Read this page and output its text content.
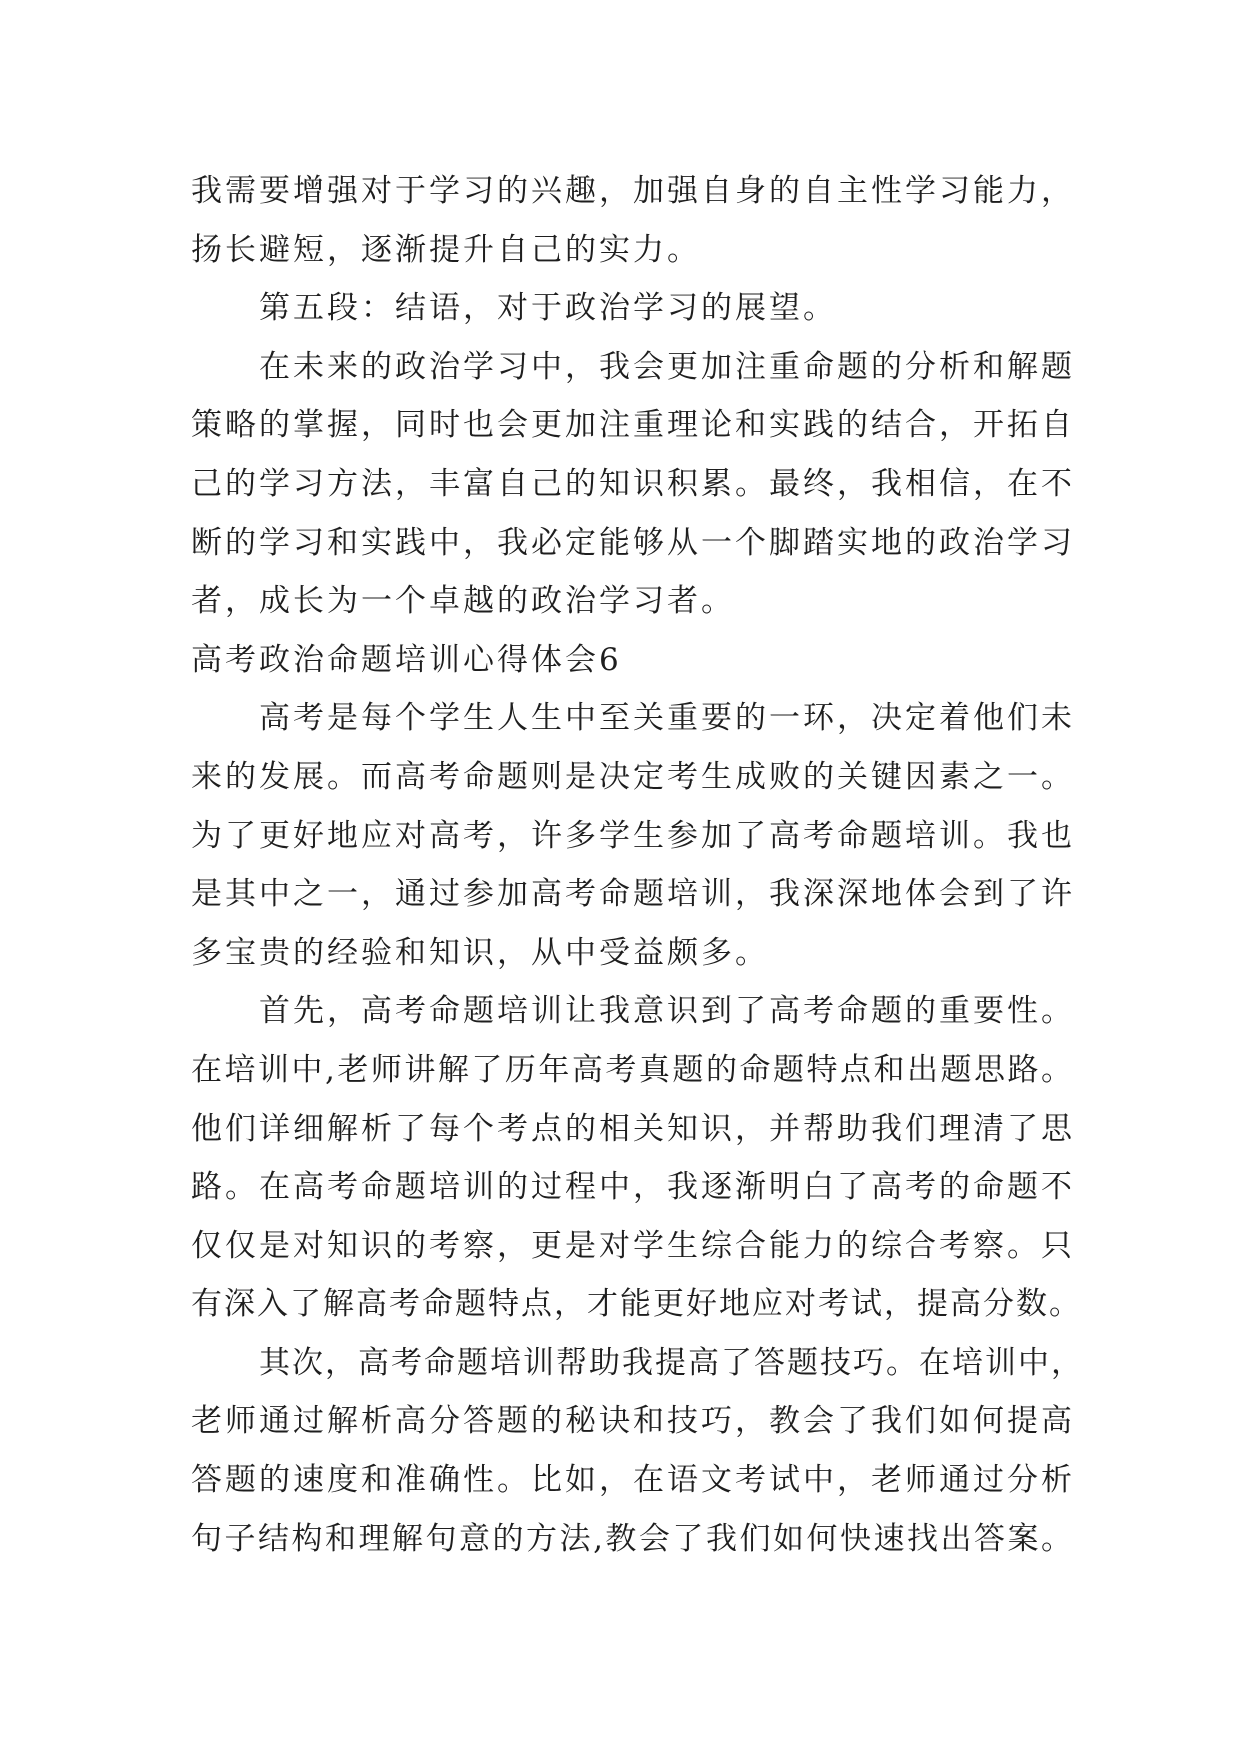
我需要增强对于学习的兴趣，加强自身的自主性学习能力，
扬长避短，逐渐提升自己的实力。
第五段：结语，对于政治学习的展望。
在未来的政治学习中，我会更加注重命题的分析和解题
策略的掌握，同时也会更加注重理论和实践的结合，开拓自
己的学习方法，丰富自己的知识积累。最终，我相信，在不
断的学习和实践中，我必定能够从一个脚踏实地的政治学习
者，成长为一个卓越的政治学习者。
高考政治命题培训心得体会6
高考是每个学生人生中至关重要的一环，决定着他们未
来的发展。而高考命题则是决定考生成败的关键因素之一。
为了更好地应对高考，许多学生参加了高考命题培训。我也
是其中之一，通过参加高考命题培训，我深深地体会到了许
多宝贵的经验和知识，从中受益颇多。
首先，高考命题培训让我意识到了高考命题的重要性。
在培训中,老师讲解了历年高考真题的命题特点和出题思路。
他们详细解析了每个考点的相关知识，并帮助我们理清了思
路。在高考命题培训的过程中，我逐渐明白了高考的命题不
仅仅是对知识的考察，更是对学生综合能力的综合考察。只
有深入了解高考命题特点，才能更好地应对考试，提高分数。
其次，高考命题培训帮助我提高了答题技巧。在培训中，
老师通过解析高分答题的秘诀和技巧，教会了我们如何提高
答题的速度和准确性。比如，在语文考试中，老师通过分析
句子结构和理解句意的方法,教会了我们如何快速找出答案。
